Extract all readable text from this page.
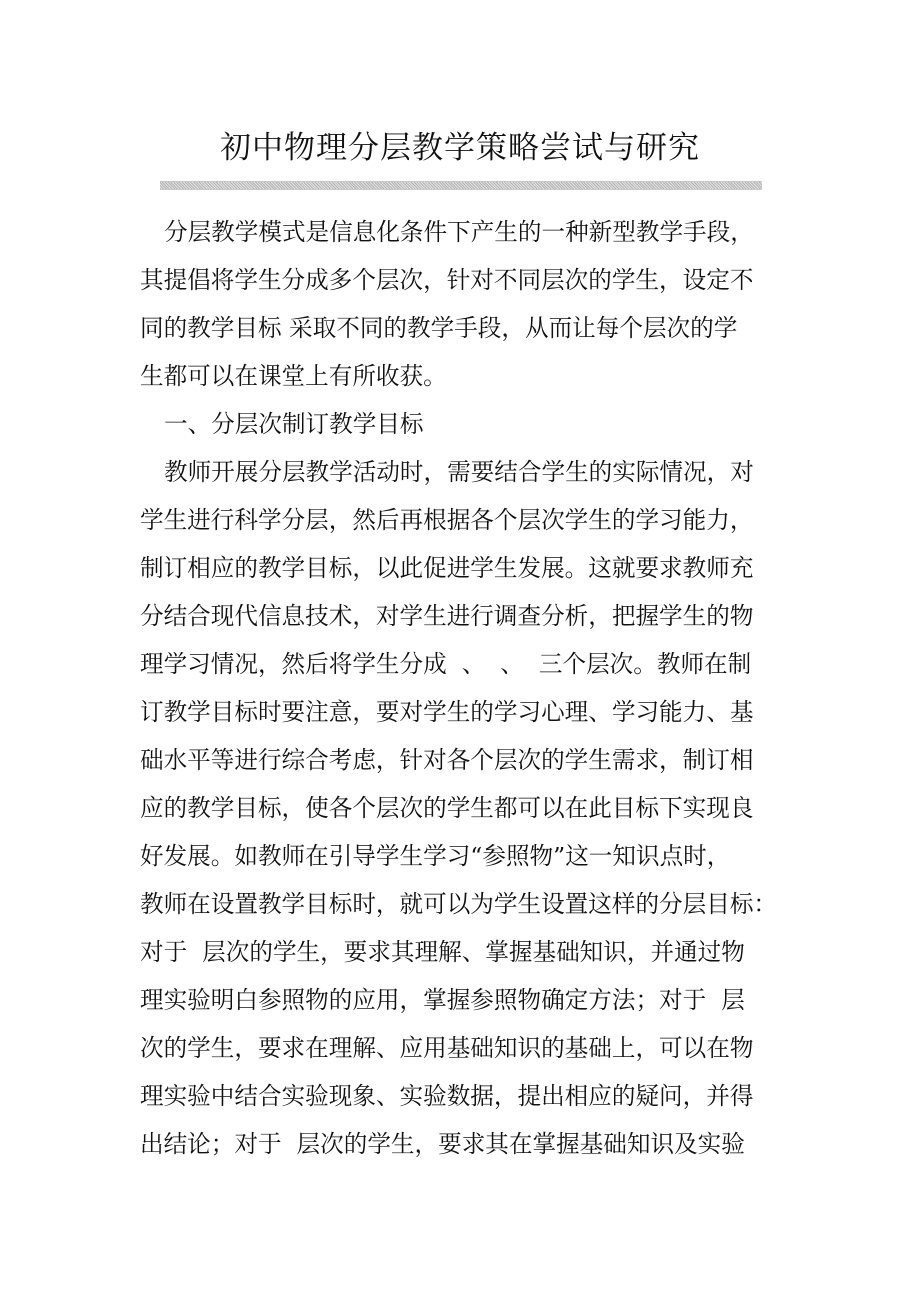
初中物理分层教学策略尝试与研究

分层教学模式是信息化条件下产生的一种新型教学手段，

其提倡将学生分成多个层次，针对不同层次的学生，设定不

同的教学目标 采取不同的教学手段，从而让每个层次的学

生都可以在课堂上有所收获。

一、分层次制订教学目标

教师开展分层教学活动时，需要结合学生的实际情况，对

学生进行科学分层，然后再根据各个层次学生的学习能力，

制订相应的教学目标，以此促进学生发展。这就要求教师充

分结合现代信息技术，对学生进行调查分析，把握学生的物

理学习情况，然后将学生分成  、  、  三个层次。教师在制

订教学目标时要注意，要对学生的学习心理、学习能力、基

础水平等进行综合考虑，针对各个层次的学生需求，制订相

应的教学目标，使各个层次的学生都可以在此目标下实现良

好发展。如教师在引导学生学习“参照物”这一知识点时，

教师在设置教学目标时，就可以为学生设置这样的分层目标：

对于  层次的学生，要求其理解、掌握基础知识，并通过物

理实验明白参照物的应用，掌握参照物确定方法；对于  层

次的学生，要求在理解、应用基础知识的基础上，可以在物

理实验中结合实验现象、实验数据，提出相应的疑问，并得

出结论；对于  层次的学生，要求其在掌握基础知识及实验
